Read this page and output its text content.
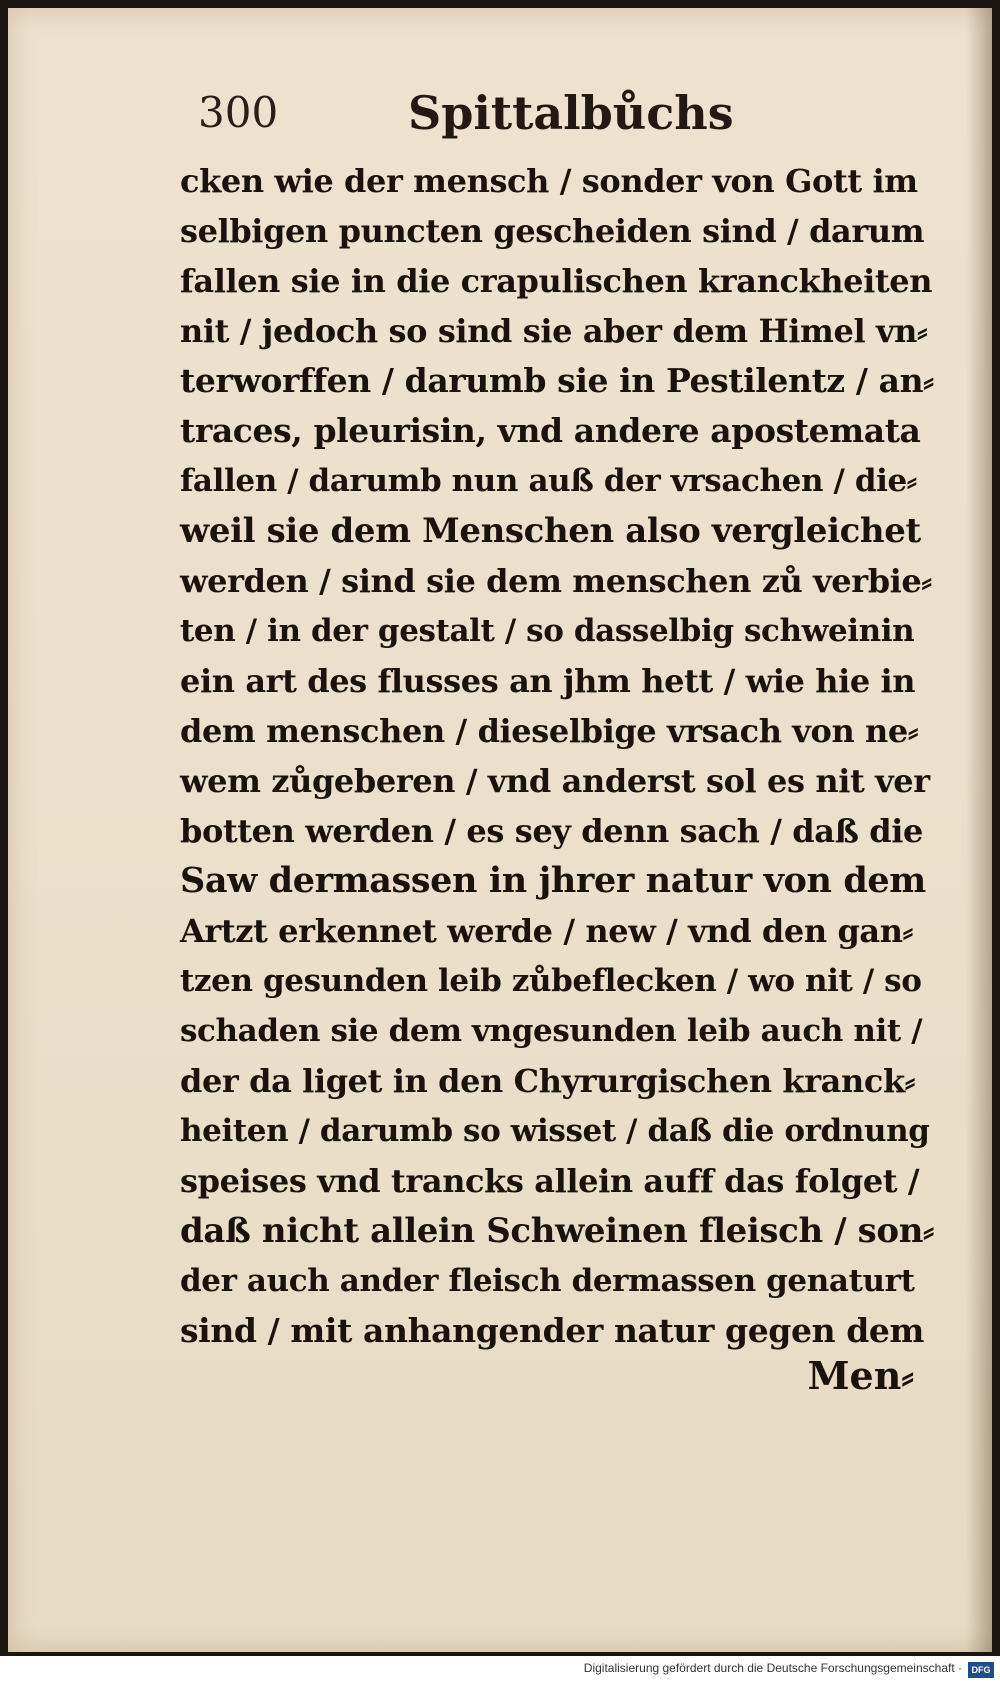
300	Spittalbůchs
cken wie der mensch / sonder von Gott im
selbigen puncten gescheiden sind / darum
fallen sie in die crapulischen kranckheiten
nit / jedoch so sind sie aber dem Himel vn⸗
terworffen / darumb sie in Pestilentz / an⸗
traces, pleurisin, vnd andere apostemata
fallen / darumb nun auß der vrsachen / die⸗
weil sie dem Menschen also vergleichet
werden / sind sie dem menschen zů verbie⸗
ten / in der gestalt / so dasselbig schweinin
ein art des flusses an jhm hett / wie hie in
dem menschen / dieselbige vrsach von ne⸗
wem zůgeberen / vnd anderst sol es nit ver
botten werden / es sey denn sach / daß die
Saw dermassen in jhrer natur von dem
Artzt erkennet werde / new / vnd den gan⸗
tzen gesunden leib zůbeflecken / wo nit / so
schaden sie dem vngesunden leib auch nit /
der da liget in den Chyrurgischen kranck⸗
heiten / darumb so wisset / daß die ordnung
speises vnd trancks allein auff das folget /
daß nicht allein Schweinen fleisch / son⸗
der auch ander fleisch dermassen genaturt
sind / mit anhangender natur gegen dem
Men⸗
Digitalisierung gefördert durch die Deutsche Forschungsgemeinschaft ·	DFG
